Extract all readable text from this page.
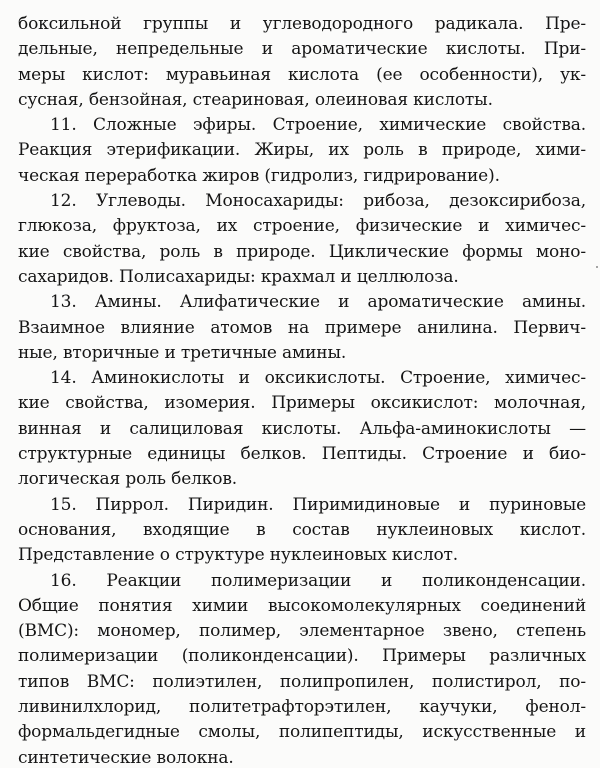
боксильной группы и углеводородного радикала. Пре-
дельные, непредельные и ароматические кислоты. При-
меры кислот: муравьиная кислота (ее особенности), ук-
сусная, бензойная, стеариновая, олеиновая кислоты.
11. Сложные эфиры. Строение, химические свойства.
Реакция этерификации. Жиры, их роль в природе, хими-
ческая переработка жиров (гидролиз, гидрирование).
12. Углеводы. Моносахариды: рибоза, дезоксирибоза,
глюкоза, фруктоза, их строение, физические и химичес-
кие свойства, роль в природе. Циклические формы моно-
сахаридов. Полисахариды: крахмал и целлюлоза.
13. Амины. Алифатические и ароматические амины.
Взаимное влияние атомов на примере анилина. Первич-
ные, вторичные и третичные амины.
14. Аминокислоты и оксикислоты. Строение, химичес-
кие свойства, изомерия. Примеры оксикислот: молочная,
винная и салициловая кислоты. Альфа-аминокислоты —
структурные единицы белков. Пептиды. Строение и био-
логическая роль белков.
15. Пиррол. Пиридин. Пиримидиновые и пуриновые
основания, входящие в состав нуклеиновых кислот.
Представление о структуре нуклеиновых кислот.
16. Реакции полимеризации и поликонденсации.
Общие понятия химии высокомолекулярных соединений
(ВМС): мономер, полимер, элементарное звено, степень
полимеризации (поликонденсации). Примеры различных
типов ВМС: полиэтилен, полипропилен, полистирол, по-
ливинилхлорид, политетрафторэтилен, каучуки, фенол-
формальдегидные смолы, полипептиды, искусственные и
синтетические волокна.
